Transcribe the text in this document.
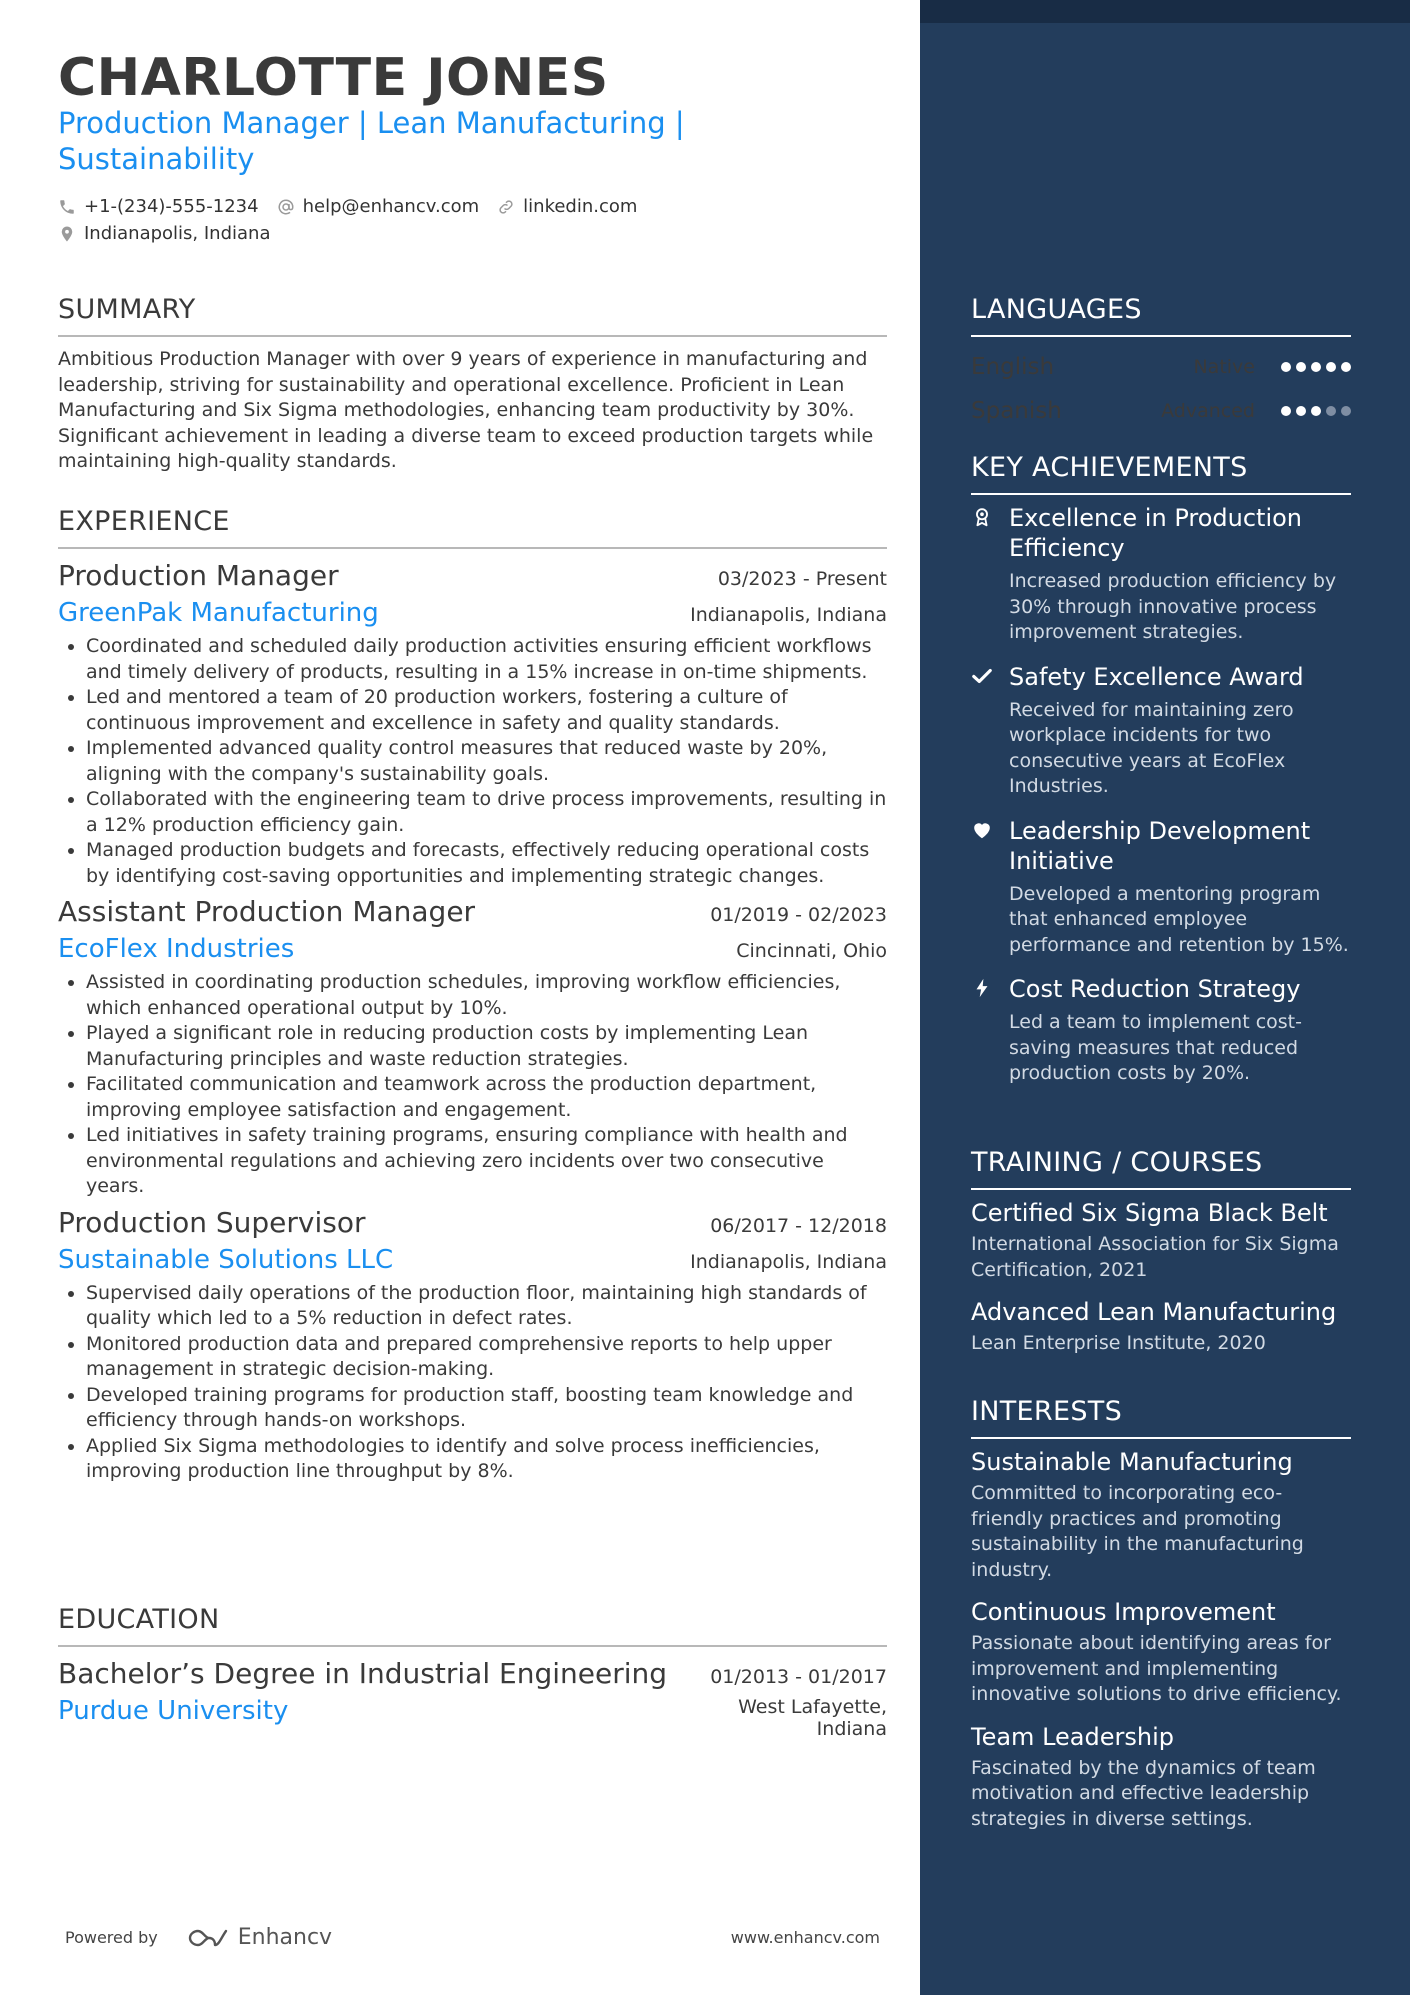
CHARLOTTE JONES
Production Manager | Lean Manufacturing | Sustainability
+1-(234)-555-1234 help@enhancv.com linkedin.com
Indianapolis, Indiana
SUMMARY
Ambitious Production Manager with over 9 years of experience in manufacturing and leadership, striving for sustainability and operational excellence. Proficient in Lean Manufacturing and Six Sigma methodologies, enhancing team productivity by 30%. Significant achievement in leading a diverse team to exceed production targets while maintaining high-quality standards.
EXPERIENCE
Production Manager	03/2023 - Present
GreenPak Manufacturing	Indianapolis, Indiana
• Coordinated and scheduled daily production activities ensuring efficient workflows and timely delivery of products, resulting in a 15% increase in on-time shipments.
• Led and mentored a team of 20 production workers, fostering a culture of continuous improvement and excellence in safety and quality standards.
• Implemented advanced quality control measures that reduced waste by 20%, aligning with the company's sustainability goals.
• Collaborated with the engineering team to drive process improvements, resulting in a 12% production efficiency gain.
• Managed production budgets and forecasts, effectively reducing operational costs by identifying cost-saving opportunities and implementing strategic changes.
Assistant Production Manager	01/2019 - 02/2023
EcoFlex Industries	Cincinnati, Ohio
• Assisted in coordinating production schedules, improving workflow efficiencies, which enhanced operational output by 10%.
• Played a significant role in reducing production costs by implementing Lean Manufacturing principles and waste reduction strategies.
• Facilitated communication and teamwork across the production department, improving employee satisfaction and engagement.
• Led initiatives in safety training programs, ensuring compliance with health and environmental regulations and achieving zero incidents over two consecutive years.
Production Supervisor	06/2017 - 12/2018
Sustainable Solutions LLC	Indianapolis, Indiana
• Supervised daily operations of the production floor, maintaining high standards of quality which led to a 5% reduction in defect rates.
• Monitored production data and prepared comprehensive reports to help upper management in strategic decision-making.
• Developed training programs for production staff, boosting team knowledge and efficiency through hands-on workshops.
• Applied Six Sigma methodologies to identify and solve process inefficiencies, improving production line throughput by 8%.
EDUCATION
Bachelor’s Degree in Industrial Engineering 01/2013 - 01/2017
Purdue University	West Lafayette,
Indiana
Powered by	Enhancv	www.enhancv.com
LANGUAGES
English	Native
Spanish	Advanced
KEY ACHIEVEMENTS
Excellence in Production Efficiency
Increased production efficiency by 30% through innovative process improvement strategies.
Safety Excellence Award
Received for maintaining zero workplace incidents for two consecutive years at EcoFlex Industries.
Leadership Development Initiative
Developed a mentoring program that enhanced employee performance and retention by 15%.
Cost Reduction Strategy
Led a team to implement cost-saving measures that reduced production costs by 20%.
TRAINING / COURSES
Certified Six Sigma Black Belt
International Association for Six Sigma Certification, 2021
Advanced Lean Manufacturing
Lean Enterprise Institute, 2020
INTERESTS
Sustainable Manufacturing
Committed to incorporating eco-friendly practices and promoting sustainability in the manufacturing industry.
Continuous Improvement
Passionate about identifying areas for improvement and implementing innovative solutions to drive efficiency.
Team Leadership
Fascinated by the dynamics of team motivation and effective leadership strategies in diverse settings.
